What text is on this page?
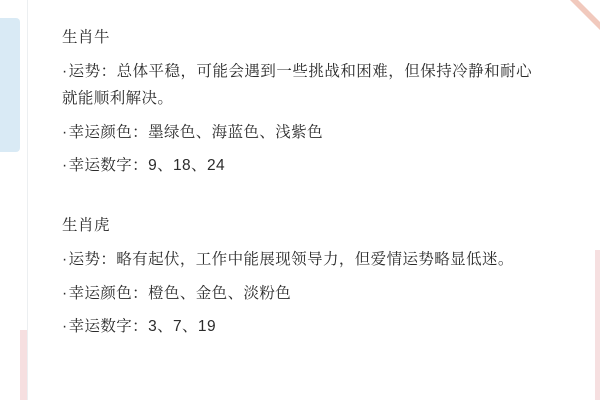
生肖牛
·运势：总体平稳，可能会遇到一些挑战和困难，但保持冷静和耐心就能顺利解决。
·幸运颜色：墨绿色、海蓝色、浅紫色
·幸运数字：9、18、24
生肖虎
·运势：略有起伏，工作中能展现领导力，但爱情运势略显低迷。
·幸运颜色：橙色、金色、淡粉色
·幸运数字：3、7、19
